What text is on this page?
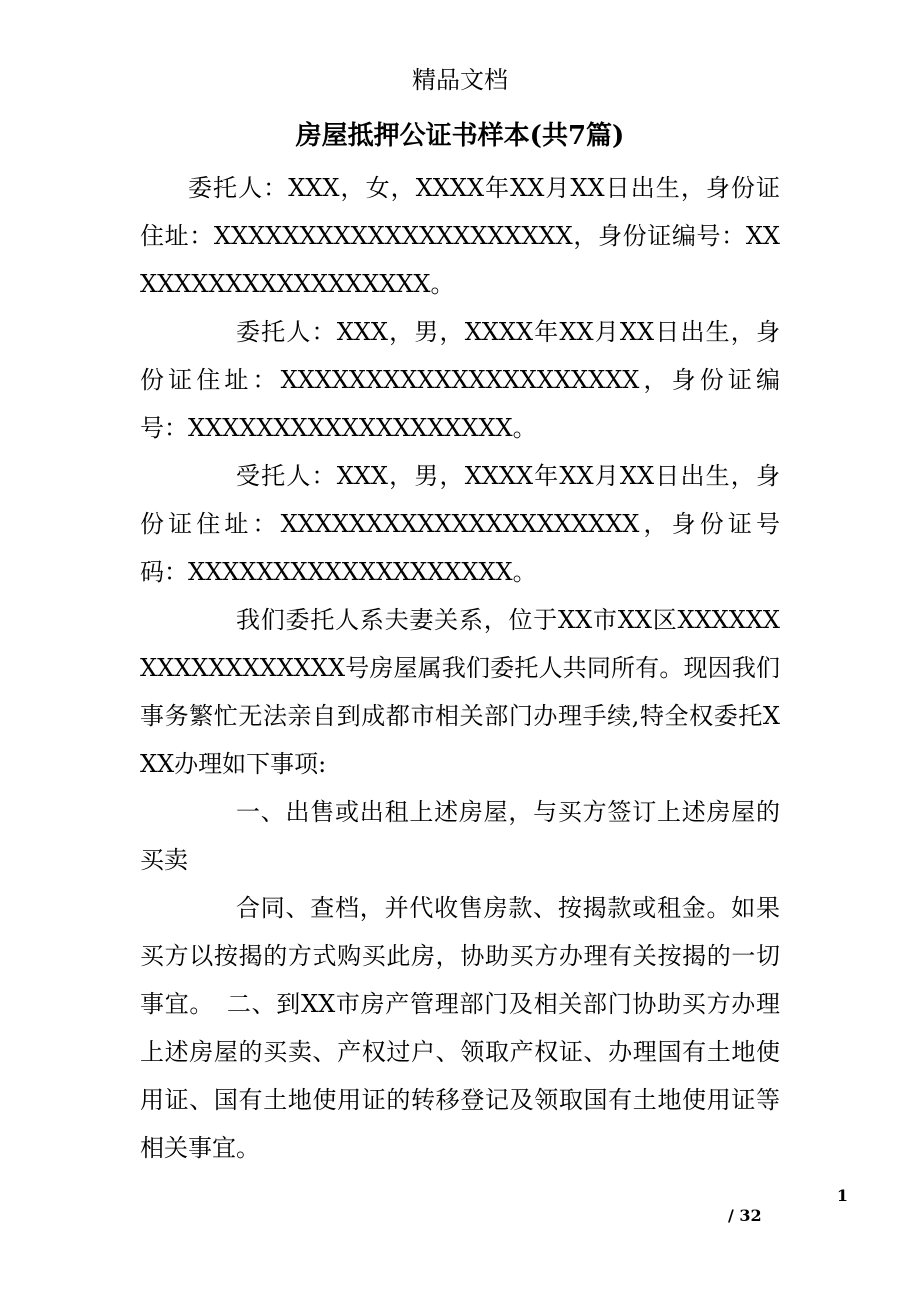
精品文档
房屋抵押公证书样本(共7篇)

委托人：XXX，女，XXXX年XX月XX日出生，身份证住址：XXXXXXXXXXXXXXXXXXXXX，身份证编号：XXXXXXXXXXXXXXXXXXX。

委托人：XXX，男，XXXX年XX月XX日出生，身份证住址：XXXXXXXXXXXXXXXXXXXXX，身份证编号：XXXXXXXXXXXXXXXXXXX。

受托人：XXX，男，XXXX年XX月XX日出生，身份证住址：XXXXXXXXXXXXXXXXXXXXX，身份证号码：XXXXXXXXXXXXXXXXXXX。

我们委托人系夫妻关系，位于XX市XX区XXXXXXXXXXXXXXXXXX号房屋属我们委托人共同所有。现因我们事务繁忙无法亲自到成都市相关部门办理手续,特全权委托XXX办理如下事项:

一、出售或出租上述房屋，与买方签订上述房屋的买卖

合同、查档，并代收售房款、按揭款或租金。如果买方以按揭的方式购买此房，协助买方办理有关按揭的一切事宜。　二、到XX市房产管理部门及相关部门协助买方办理上述房屋的买卖、产权过户、领取产权证、办理国有土地使用证、国有土地使用证的转移登记及领取国有土地使用证等相关事宜。

1
/ 32
